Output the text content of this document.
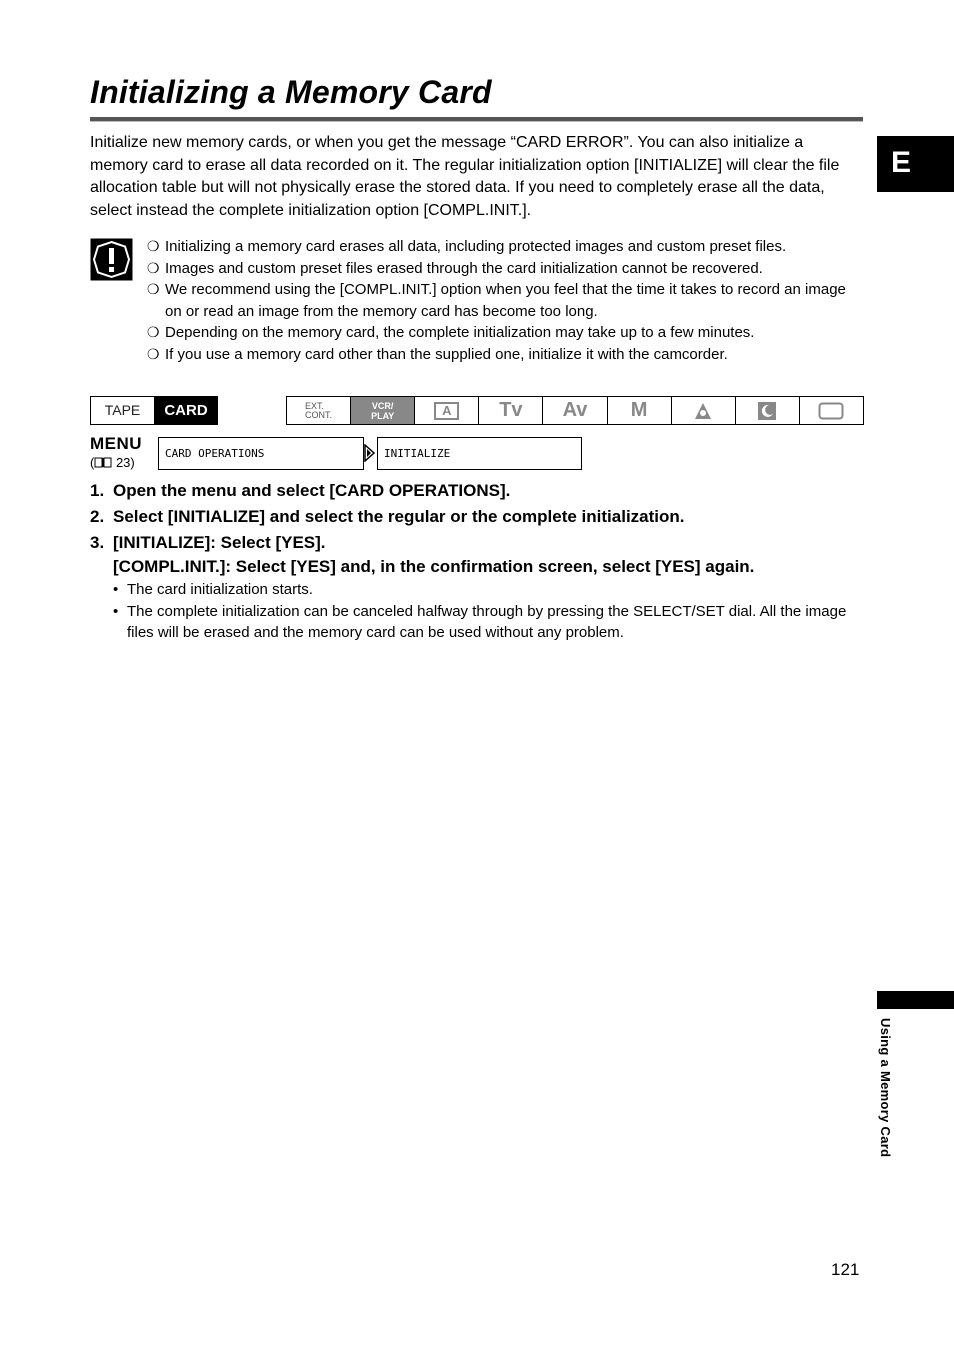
Initializing a Memory Card
E

Initialize new memory cards, or when you get the message “CARD ERROR”. You can also initialize a memory card to erase all data recorded on it. The regular initialization option [INITIALIZE] will clear the file allocation table but will not physically erase the stored data. If you need to completely erase all the data, select instead the complete initialization option [COMPL.INIT.].

❍ Initializing a memory card erases all data, including protected images and custom preset files.
❍ Images and custom preset files erased through the card initialization cannot be recovered.
❍ We recommend using the [COMPL.INIT.] option when you feel that the time it takes to record an image on or read an image from the memory card has become too long.
❍ Depending on the memory card, the complete initialization may take up to a few minutes.
❍ If you use a memory card other than the supplied one, initialize it with the camcorder.
TAPE	CARD	EXT.
CONT.
VCR/
PLAY	A	Tv	Av	M
MENU
( 23)
CARD OPERATIONS	INITIALIZE
1. Open the menu and select [CARD OPERATIONS].
2. Select [INITIALIZE] and select the regular or the complete initialization.
3. [INITIALIZE]: Select [YES].
[COMPL.INIT.]: Select [YES] and, in the confirmation screen, select [YES] again.
• The card initialization starts.
• The complete initialization can be canceled halfway through by pressing the SELECT/SET dial. All the image files will be erased and the memory card can be used without any problem.
Using a Memory Card
121
